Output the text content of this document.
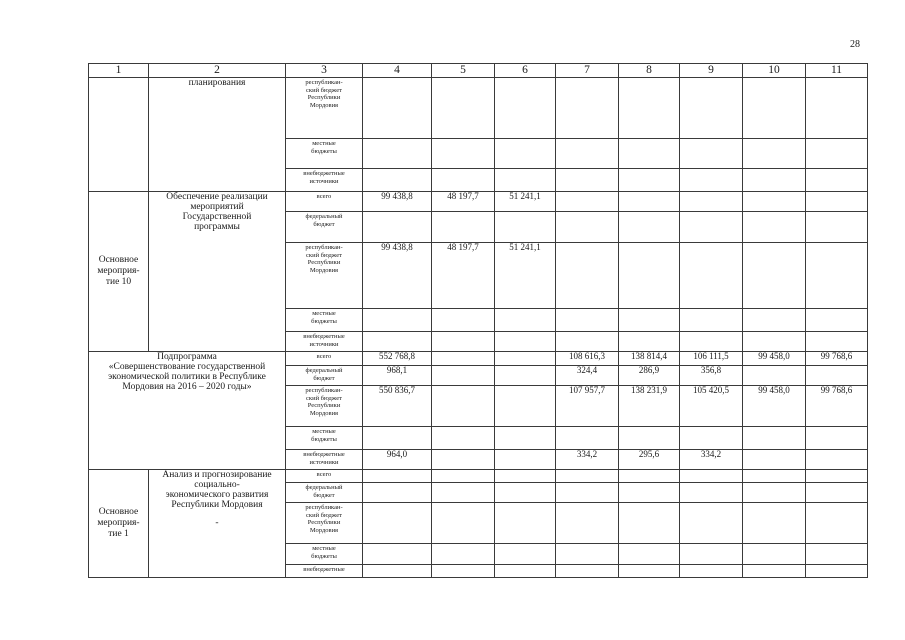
28
1	2	3	4	5	6	7	8	9	10	11
	планирования	республикан-
ский бюджет
Республики
Мордовия								
		местные
бюджеты								
		внебюджетные
источники								
Основное
мероприя-
тие 10	Обеспечение реализации
мероприятий
Государственной
программы	всего	99 438,8	48 197,7	51 241,1					
		федеральный
бюджет								
		республикан-
ский бюджет
Республики
Мордовия	99 438,8	48 197,7	51 241,1					
		местные
бюджеты								
		внебюджетные
источники								
Подпрограмма
«Совершенствование государственной
экономической политики в Республике
Мордовия на 2016 – 2020 годы»		всего	552 768,8			108 616,3	138 814,4	106 111,5	99 458,0	99 768,6
		федеральный
бюджет	968,1			324,4	286,9	356,8		
		республикан-
ский бюджет
Республики
Мордовия	550 836,7			107 957,7	138 231,9	105 420,5	99 458,0	99 768,6
		местные
бюджеты								
		внебюджетные
источники	964,0			334,2	295,6	334,2		
Основное
мероприя-
тие 1	Анализ и прогнозирование
социально-
экономического развития
Республики Мордовия
-	всего								
		федеральный
бюджет								
		республикан-
ский бюджет
Республики
Мордовия								
		местные
бюджеты								
		внебюджетные								
